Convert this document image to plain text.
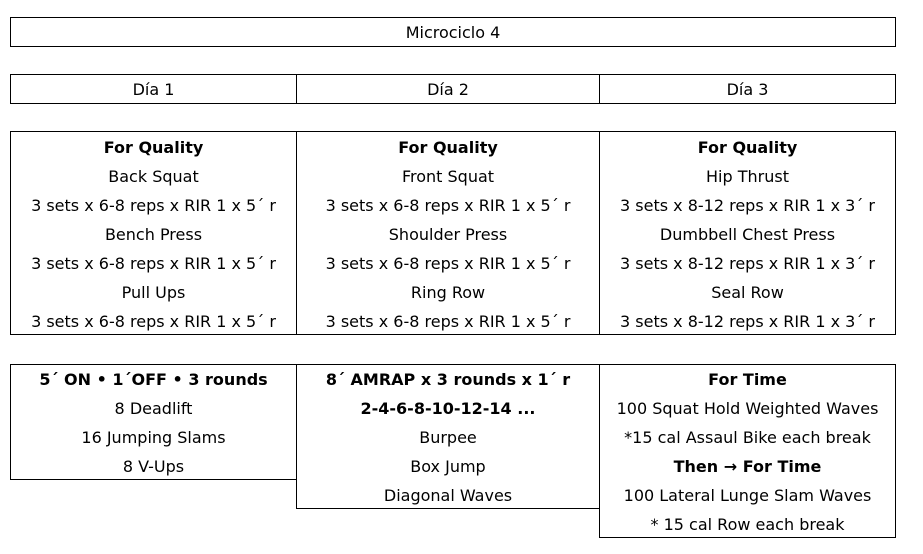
Microciclo 4
Día 1	Día 2	Día 3
For Quality
Back Squat
3 sets x 6-8 reps x RIR 1 x 5´ r
Bench Press
3 sets x 6-8 reps x RIR 1 x 5´ r
Pull Ups
3 sets x 6-8 reps x RIR 1 x 5´ r
For Quality
Front Squat
3 sets x 6-8 reps x RIR 1 x 5´ r
Shoulder Press
3 sets x 6-8 reps x RIR 1 x 5´ r
Ring Row
3 sets x 6-8 reps x RIR 1 x 5´ r
For Quality
Hip Thrust
3 sets x 8-12 reps x RIR 1 x 3´ r
Dumbbell Chest Press
3 sets x 8-12 reps x RIR 1 x 3´ r
Seal Row
3 sets x 8-12 reps x RIR 1 x 3´ r
5´ ON • 1´OFF • 3 rounds
8 Deadlift
16 Jumping Slams
8 V-Ups
8´ AMRAP x 3 rounds x 1´ r
2-4-6-8-10-12-14 ...
Burpee
Box Jump
Diagonal Waves
For Time
100 Squat Hold Weighted Waves
*15 cal Assaul Bike each break
Then → For Time
100 Lateral Lunge Slam Waves
* 15 cal Row each break
